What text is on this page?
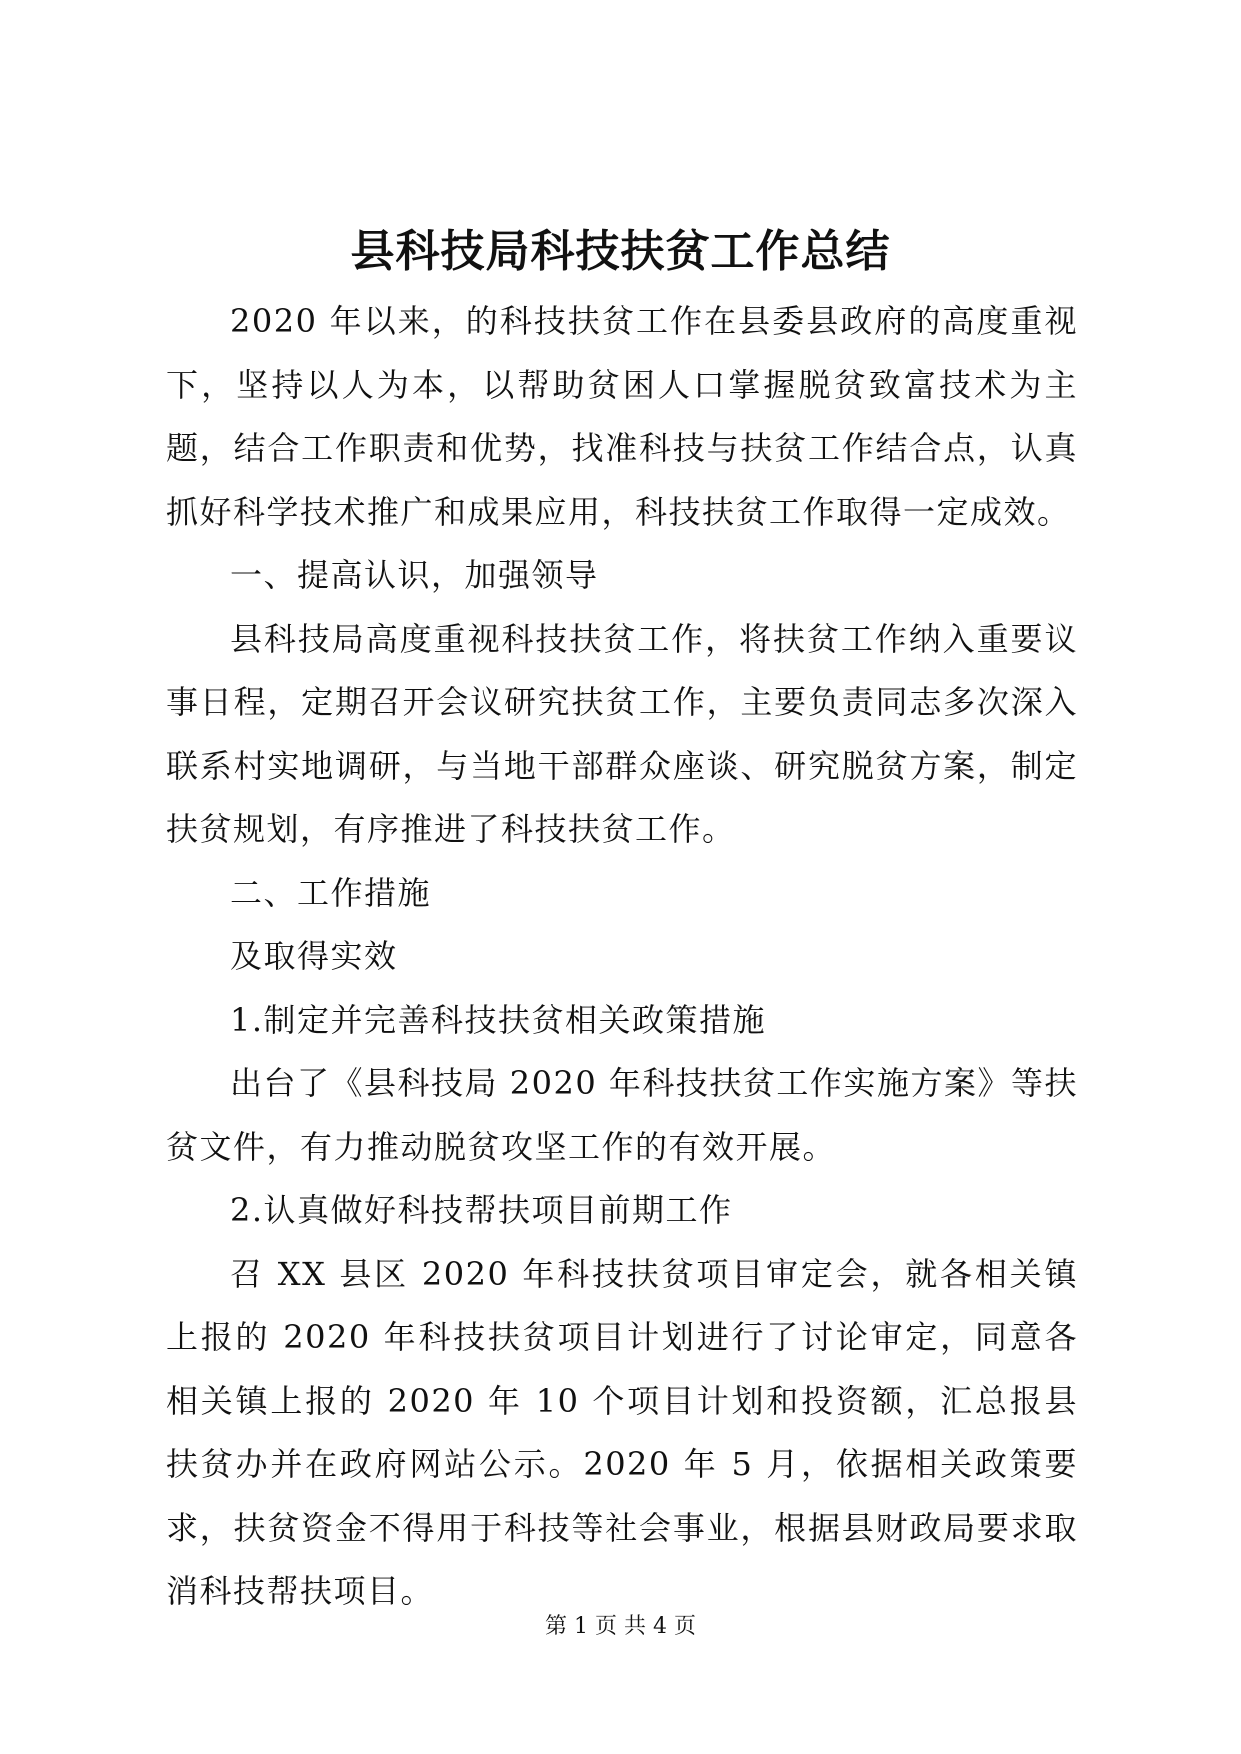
县科技局科技扶贫工作总结

2020 年以来，的科技扶贫工作在县委县政府的高度重视下，坚持以人为本，以帮助贫困人口掌握脱贫致富技术为主题，结合工作职责和优势，找准科技与扶贫工作结合点，认真抓好科学技术推广和成果应用，科技扶贫工作取得一定成效。

一、提高认识，加强领导

县科技局高度重视科技扶贫工作，将扶贫工作纳入重要议事日程，定期召开会议研究扶贫工作，主要负责同志多次深入联系村实地调研，与当地干部群众座谈、研究脱贫方案，制定扶贫规划，有序推进了科技扶贫工作。

二、工作措施

及取得实效

1.制定并完善科技扶贫相关政策措施

出台了《县科技局 2020 年科技扶贫工作实施方案》等扶贫文件，有力推动脱贫攻坚工作的有效开展。

2.认真做好科技帮扶项目前期工作

召 XX 县区 2020 年科技扶贫项目审定会，就各相关镇上报的 2020 年科技扶贫项目计划进行了讨论审定，同意各相关镇上报的 2020 年 10 个项目计划和投资额，汇总报县扶贫办并在政府网站公示。2020 年 5 月，依据相关政策要求，扶贫资金不得用于科技等社会事业，根据县财政局要求取消科技帮扶项目。

第 1 页 共 4 页
